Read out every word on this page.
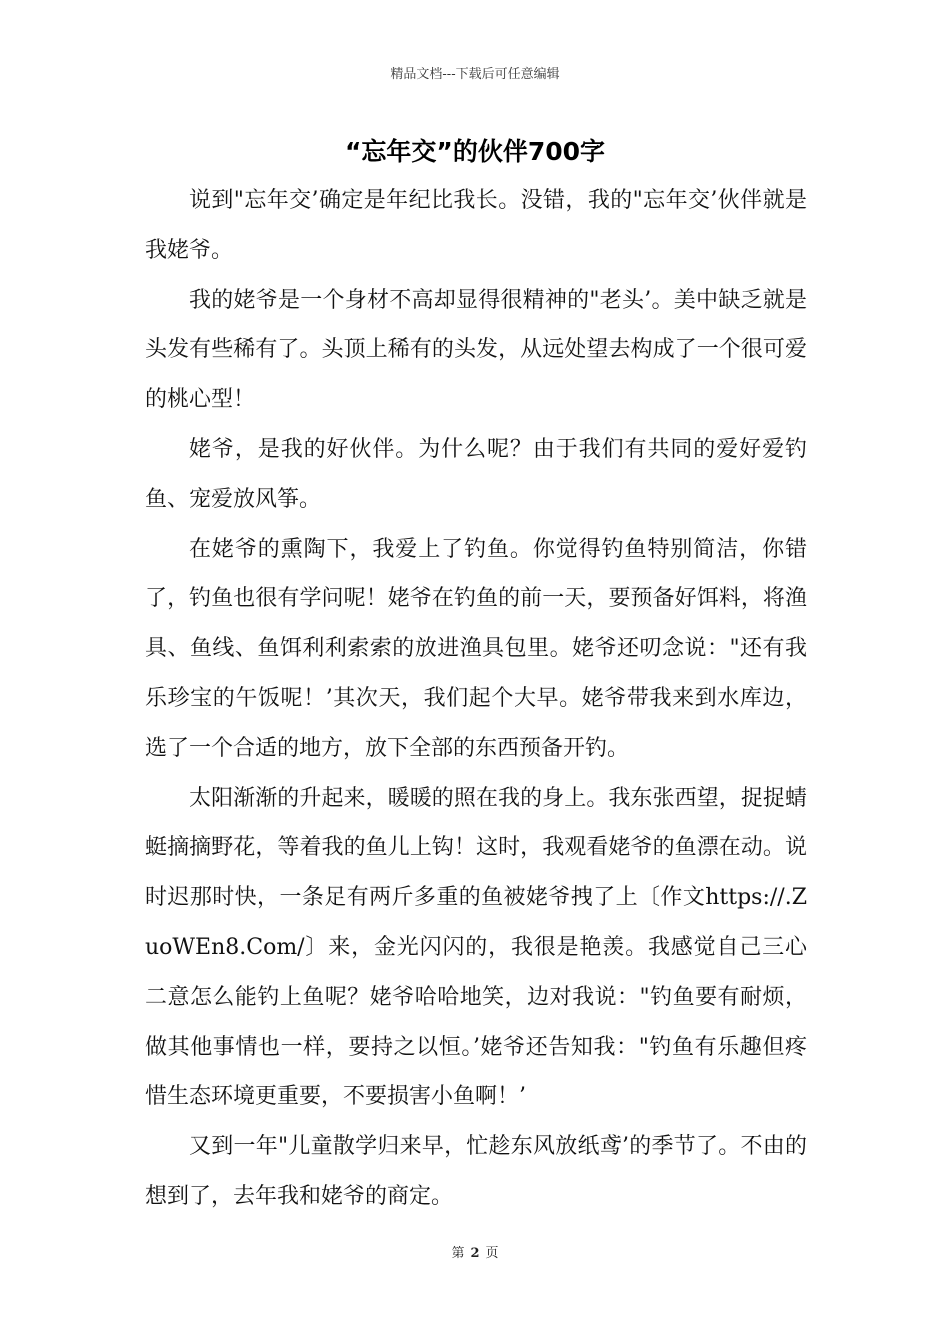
精品文档---下载后可任意编辑
“忘年交”的伙伴700字

说到"忘年交’确定是年纪比我长。没错，我的"忘年交’伙伴就是我姥爷。

我的姥爷是一个身材不高却显得很精神的"老头’。美中缺乏就是头发有些稀有了。头顶上稀有的头发，从远处望去构成了一个很可爱的桃心型！

姥爷，是我的好伙伴。为什么呢？由于我们有共同的爱好爱钓鱼、宠爱放风筝。

在姥爷的熏陶下，我爱上了钓鱼。你觉得钓鱼特别简洁，你错了，钓鱼也很有学问呢！姥爷在钓鱼的前一天，要预备好饵料，将渔具、鱼线、鱼饵利利索索的放进渔具包里。姥爷还叨念说："还有我乐珍宝的午饭呢！’其次天，我们起个大早。姥爷带我来到水库边，选了一个合适的地方，放下全部的东西预备开钓。

太阳渐渐的升起来，暖暖的照在我的身上。我东张西望，捉捉蜻蜓摘摘野花，等着我的鱼儿上钩！这时，我观看姥爷的鱼漂在动。说时迟那时快，一条足有两斤多重的鱼被姥爷拽了上〔作文https://.ZuoWEn8.Com/〕来，金光闪闪的，我很是艳羡。我感觉自己三心二意怎么能钓上鱼呢？姥爷哈哈地笑，边对我说："钓鱼要有耐烦，做其他事情也一样，要持之以恒。’姥爷还告知我："钓鱼有乐趣但疼惜生态环境更重要，不要损害小鱼啊！’

又到一年"儿童散学归来早，忙趁东风放纸鸢’的季节了。不由的想到了，去年我和姥爷的商定。

第 2 页
